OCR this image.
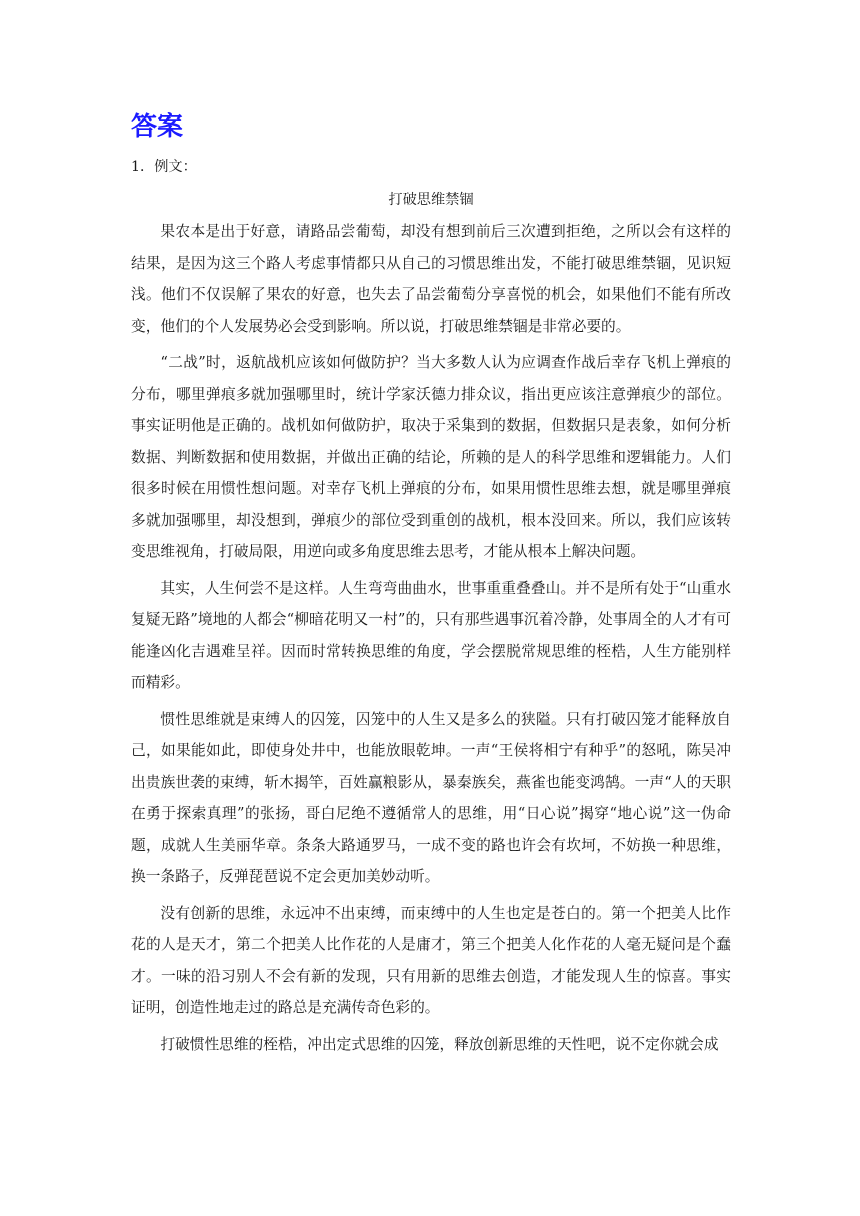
答案

1．例文：

打破思维禁锢

果农本是出于好意，请路品尝葡萄，却没有想到前后三次遭到拒绝，之所以会有这样的结果，是因为这三个路人考虑事情都只从自己的习惯思维出发，不能打破思维禁锢，见识短浅。他们不仅误解了果农的好意，也失去了品尝葡萄分享喜悦的机会，如果他们不能有所改变，他们的个人发展势必会受到影响。所以说，打破思维禁锢是非常必要的。

“二战”时，返航战机应该如何做防护？当大多数人认为应调查作战后幸存飞机上弹痕的分布，哪里弹痕多就加强哪里时，统计学家沃德力排众议，指出更应该注意弹痕少的部位。事实证明他是正确的。战机如何做防护，取决于采集到的数据，但数据只是表象，如何分析数据、判断数据和使用数据，并做出正确的结论，所赖的是人的科学思维和逻辑能力。人们很多时候在用惯性想问题。对幸存飞机上弹痕的分布，如果用惯性思维去想，就是哪里弹痕多就加强哪里，却没想到，弹痕少的部位受到重创的战机，根本没回来。所以，我们应该转变思维视角，打破局限，用逆向或多角度思维去思考，才能从根本上解决问题。

其实，人生何尝不是这样。人生弯弯曲曲水，世事重重叠叠山。并不是所有处于“山重水复疑无路”境地的人都会“柳暗花明又一村”的，只有那些遇事沉着冷静，处事周全的人才有可能逢凶化吉遇难呈祥。因而时常转换思维的角度，学会摆脱常规思维的桎梏，人生方能别样而精彩。

惯性思维就是束缚人的囚笼，囚笼中的人生又是多么的狭隘。只有打破囚笼才能释放自己，如果能如此，即使身处井中，也能放眼乾坤。一声“王侯将相宁有种乎”的怒吼，陈吴冲出贵族世袭的束缚，斩木揭竿，百姓赢粮影从，暴秦族矣，燕雀也能变鸿鹄。一声“人的天职在勇于探索真理”的张扬，哥白尼绝不遵循常人的思维，用“日心说”揭穿“地心说”这一伪命题，成就人生美丽华章。条条大路通罗马，一成不变的路也许会有坎坷，不妨换一种思维，换一条路子，反弹琵琶说不定会更加美妙动听。

没有创新的思维，永远冲不出束缚，而束缚中的人生也定是苍白的。第一个把美人比作花的人是天才，第二个把美人比作花的人是庸才，第三个把美人化作花的人毫无疑问是个蠢才。一味的沿习别人不会有新的发现，只有用新的思维去创造，才能发现人生的惊喜。事实证明，创造性地走过的路总是充满传奇色彩的。

打破惯性思维的桎梏，冲出定式思维的囚笼，释放创新思维的天性吧，说不定你就会成
